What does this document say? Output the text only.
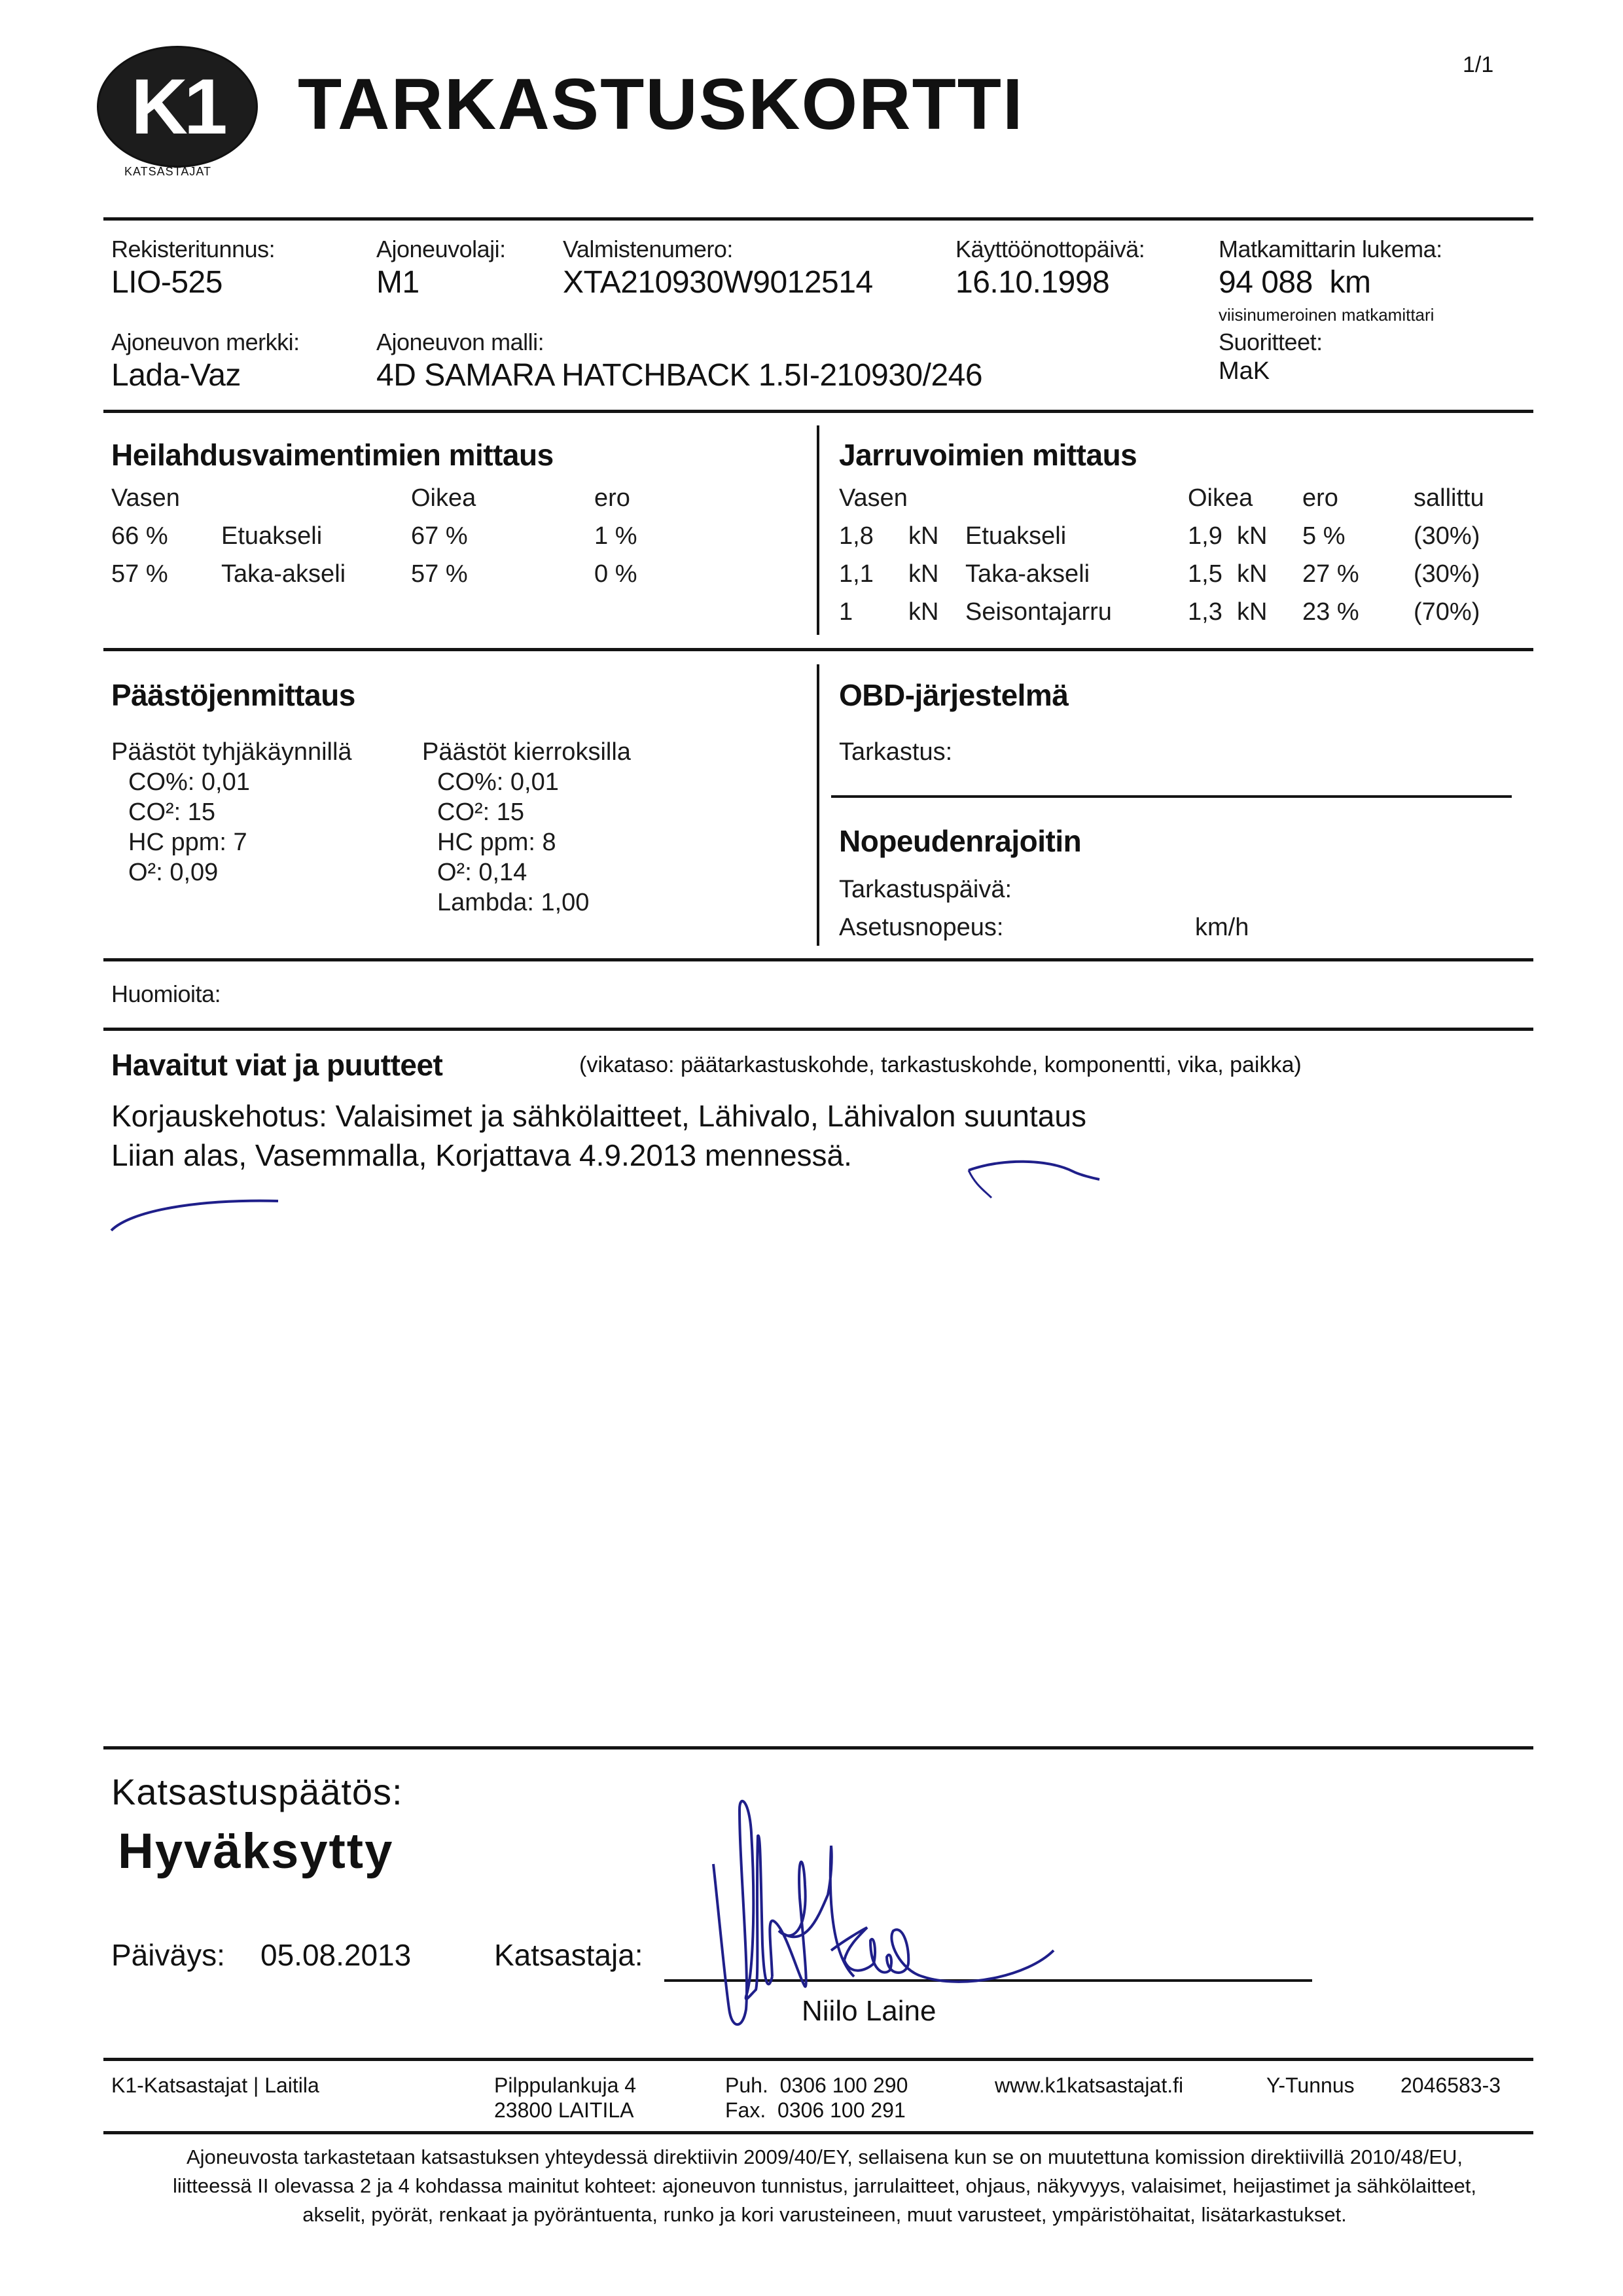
K1
KATSASTAJAT
TARKASTUSKORTTI	1/1
Rekisteritunnus:
LIO-525
Ajoneuvolaji:
M1
Valmistenumero:
XTA210930W9012514
Käyttöönottopäivä:
16.10.1998
Matkamittarin lukema:
94 088  km
viisinumeroinen matkamittari
Ajoneuvon merkki:
Lada-Vaz
Ajoneuvon malli:
4D SAMARA HATCHBACK 1.5I-210930/246
Suoritteet:
MaK
Heilahdusvaimentimien mittaus
Vasen	Oikea	ero
66 % Etuakseli	67 %	1 %
57 % Taka-akseli	57 %	0 %
Jarruvoimien mittaus
Vasen	Oikea ero	sallittu
1,8 kN Etuakseli	1,9 kN 5 %	(30%)
1,1 kN Taka-akseli	1,5 kN 27 % (30%)
1 kN Seisontajarru	1,3 kN 23 % (70%)
Päästöjenmittaus
Päästöt tyhjäkäynnillä
CO%: 0,01
CO²: 15
HC ppm: 7
O²: 0,09
Päästöt kierroksilla
CO%: 0,01
CO²: 15
HC ppm: 8
O²: 0,14
Lambda: 1,00
OBD-järjestelmä
Tarkastus:
Nopeudenrajoitin
Tarkastuspäivä:
Asetusnopeus:	km/h
Huomioita:
Havaitut viat ja puutteet	(vikataso: päätarkastuskohde, tarkastuskohde, komponentti, vika, paikka)
Korjauskehotus: Valaisimet ja sähkölaitteet, Lähivalo, Lähivalon suuntaus
Liian alas, Vasemmalla, Korjattava 4.9.2013 mennessä.
Katsastuspäätös:
Hyväksytty
Päiväys: 05.08.2013	Katsastaja:
Niilo Laine
K1-Katsastajat | Laitila	Pilppulankuja 4
23800 LAITILA
Puh.  0306 100 290
Fax.  0306 100 291
www.k1katsastajat.fi	Y-Tunnus 2046583-3
Ajoneuvosta tarkastetaan katsastuksen yhteydessä direktiivin 2009/40/EY, sellaisena kun se on muutettuna komission direktiivillä 2010/48/EU,
liitteessä II olevassa 2 ja 4 kohdassa mainitut kohteet: ajoneuvon tunnistus, jarrulaitteet, ohjaus, näkyvyys, valaisimet, heijastimet ja sähkölaitteet,
akselit, pyörät, renkaat ja pyöräntuenta, runko ja kori varusteineen, muut varusteet, ympäristöhaitat, lisätarkastukset.
